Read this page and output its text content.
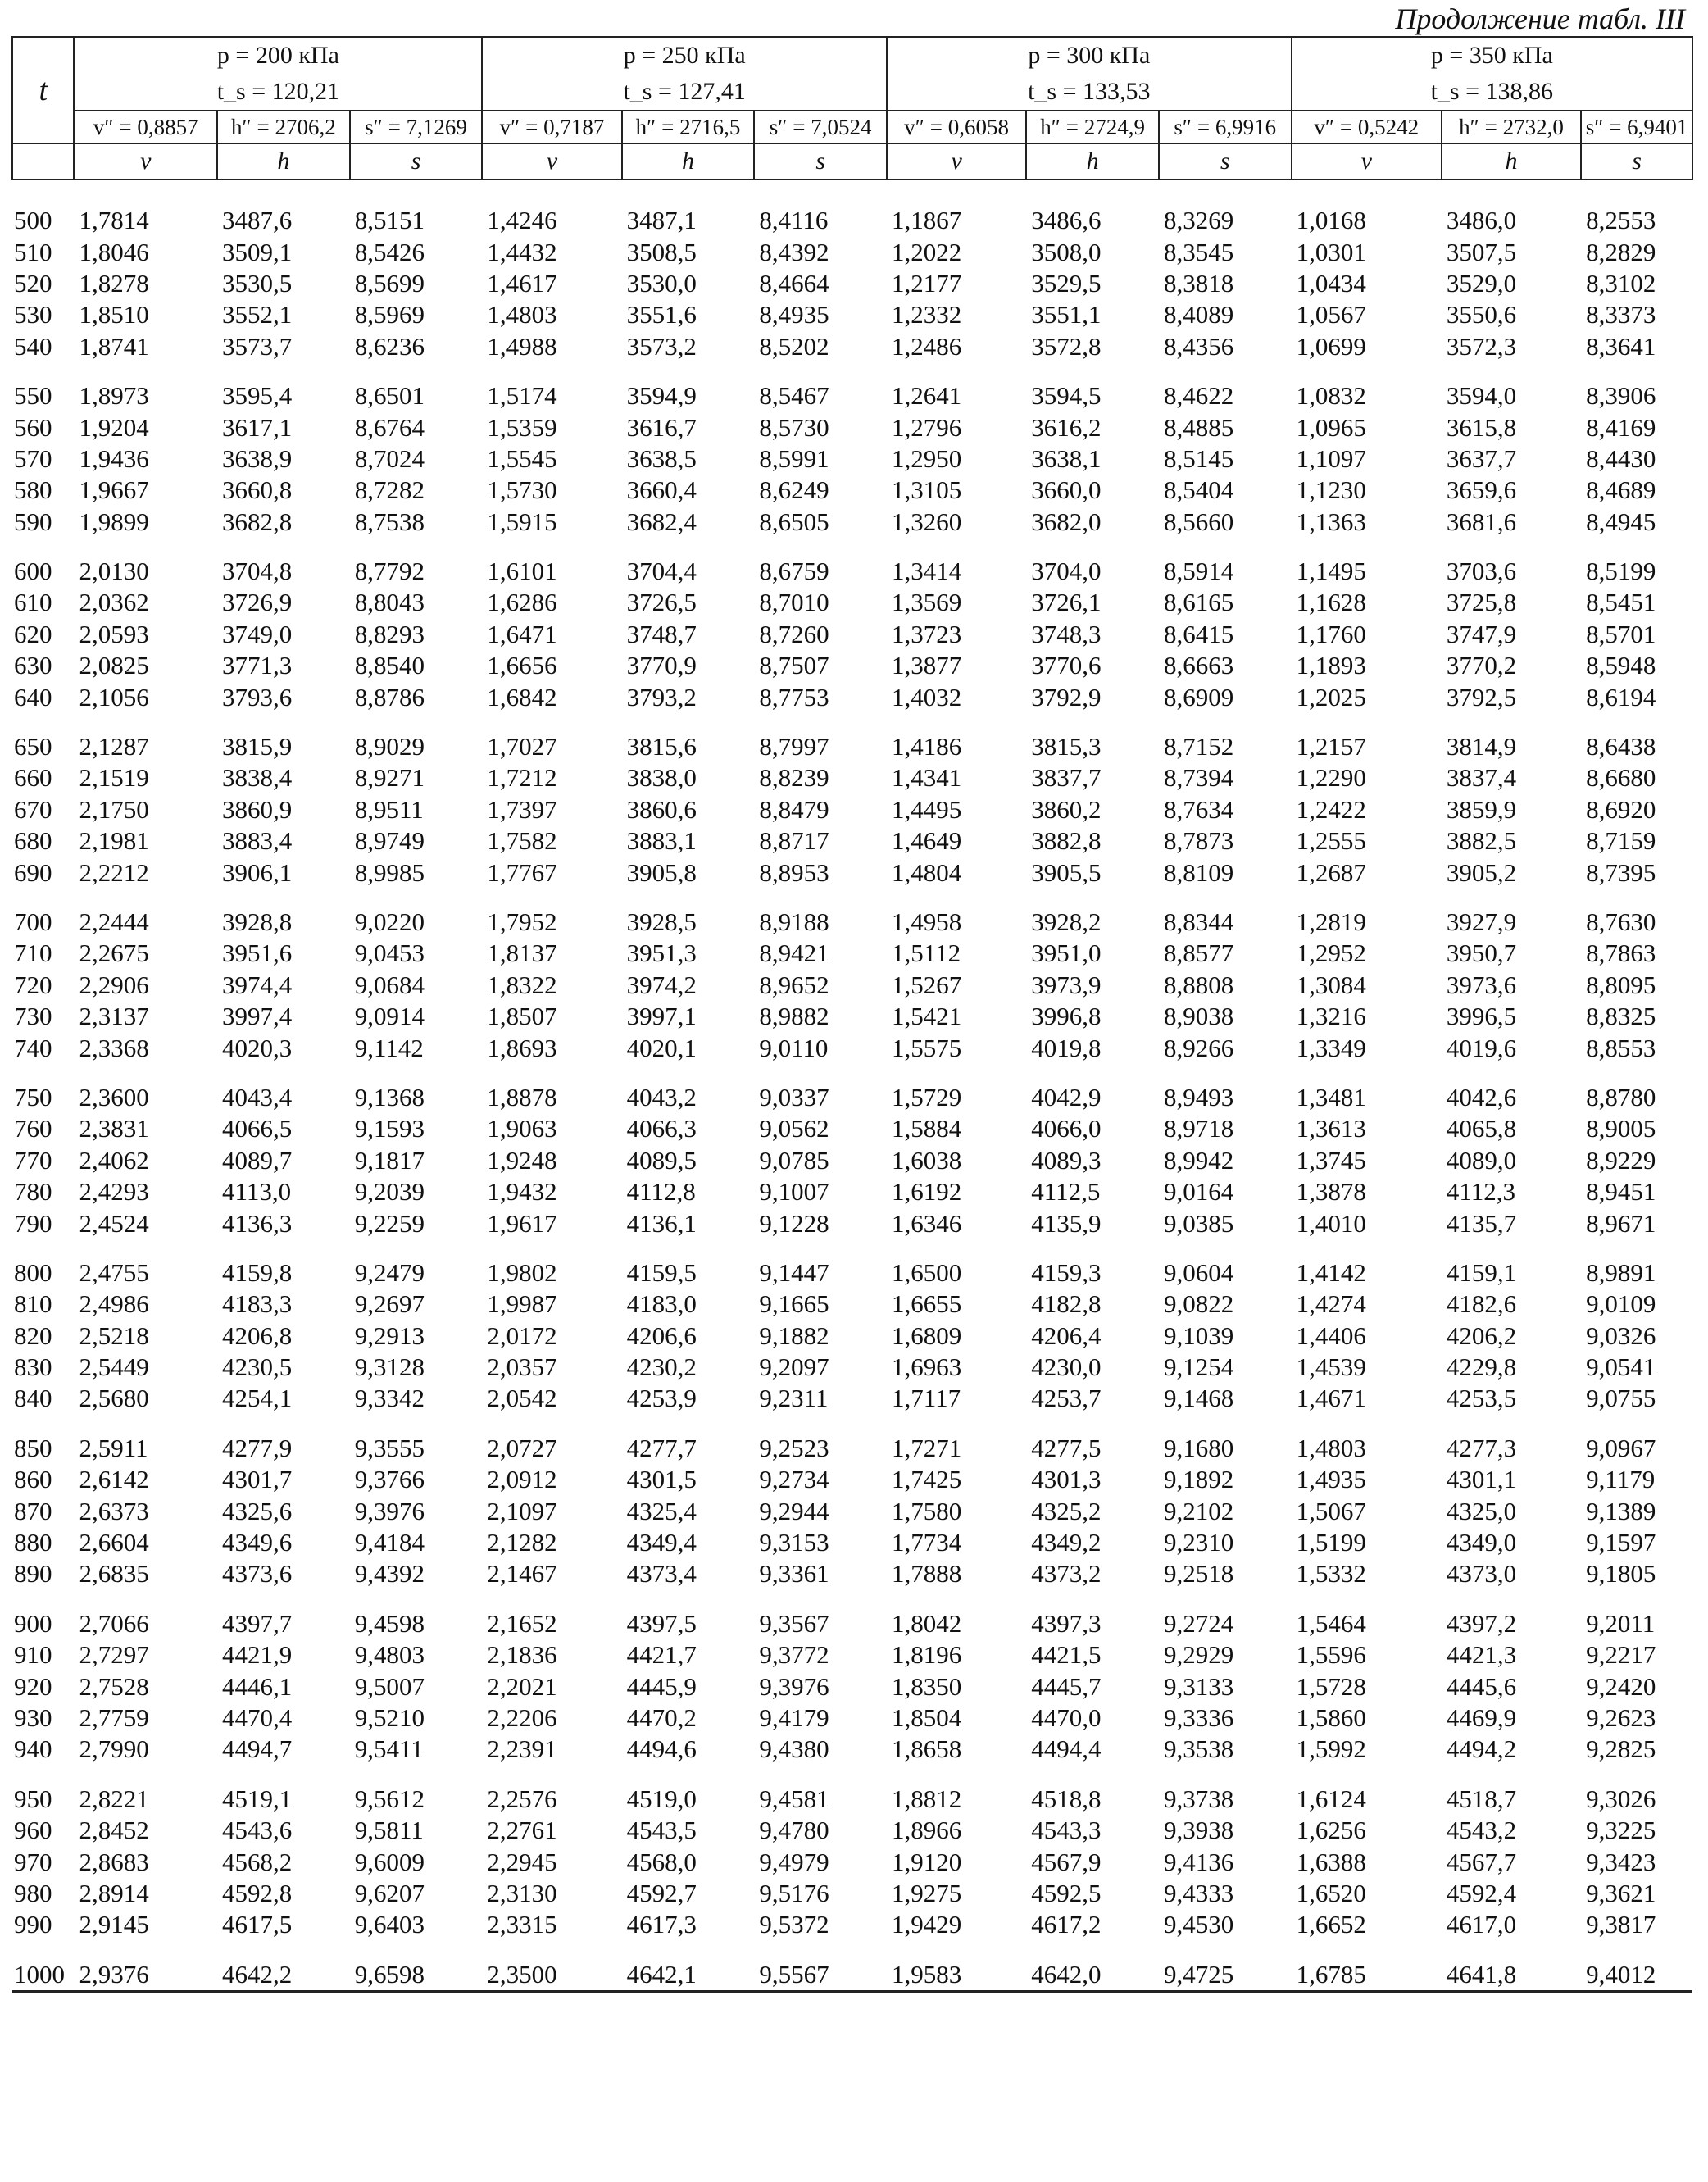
Продолжение табл. III
t	p = 200 кПа			p = 250 кПа			p = 300 кПа			p = 350 кПа		
	t_s = 120,21			t_s = 127,41			t_s = 133,53			t_s = 138,86		
	v″ = 0,8857	h″ = 2706,2	s″ = 7,1269	v″ = 0,7187	h″ = 2716,5	s″ = 7,0524	v″ = 0,6058	h″ = 2724,9	s″ = 6,9916	v″ = 0,5242	h″ = 2732,0	s″ = 6,9401
	v	h	s	v	h	s	v	h	s	v	h	s
500	1,7814	3487,6	8,5151	1,4246	3487,1	8,4116	1,1867	3486,6	8,3269	1,0168	3486,0	8,2553
510	1,8046	3509,1	8,5426	1,4432	3508,5	8,4392	1,2022	3508,0	8,3545	1,0301	3507,5	8,2829
520	1,8278	3530,5	8,5699	1,4617	3530,0	8,4664	1,2177	3529,5	8,3818	1,0434	3529,0	8,3102
530	1,8510	3552,1	8,5969	1,4803	3551,6	8,4935	1,2332	3551,1	8,4089	1,0567	3550,6	8,3373
540	1,8741	3573,7	8,6236	1,4988	3573,2	8,5202	1,2486	3572,8	8,4356	1,0699	3572,3	8,3641
550	1,8973	3595,4	8,6501	1,5174	3594,9	8,5467	1,2641	3594,5	8,4622	1,0832	3594,0	8,3906
560	1,9204	3617,1	8,6764	1,5359	3616,7	8,5730	1,2796	3616,2	8,4885	1,0965	3615,8	8,4169
570	1,9436	3638,9	8,7024	1,5545	3638,5	8,5991	1,2950	3638,1	8,5145	1,1097	3637,7	8,4430
580	1,9667	3660,8	8,7282	1,5730	3660,4	8,6249	1,3105	3660,0	8,5404	1,1230	3659,6	8,4689
590	1,9899	3682,8	8,7538	1,5915	3682,4	8,6505	1,3260	3682,0	8,5660	1,1363	3681,6	8,4945
600	2,0130	3704,8	8,7792	1,6101	3704,4	8,6759	1,3414	3704,0	8,5914	1,1495	3703,6	8,5199
610	2,0362	3726,9	8,8043	1,6286	3726,5	8,7010	1,3569	3726,1	8,6165	1,1628	3725,8	8,5451
620	2,0593	3749,0	8,8293	1,6471	3748,7	8,7260	1,3723	3748,3	8,6415	1,1760	3747,9	8,5701
630	2,0825	3771,3	8,8540	1,6656	3770,9	8,7507	1,3877	3770,6	8,6663	1,1893	3770,2	8,5948
640	2,1056	3793,6	8,8786	1,6842	3793,2	8,7753	1,4032	3792,9	8,6909	1,2025	3792,5	8,6194
650	2,1287	3815,9	8,9029	1,7027	3815,6	8,7997	1,4186	3815,3	8,7152	1,2157	3814,9	8,6438
660	2,1519	3838,4	8,9271	1,7212	3838,0	8,8239	1,4341	3837,7	8,7394	1,2290	3837,4	8,6680
670	2,1750	3860,9	8,9511	1,7397	3860,6	8,8479	1,4495	3860,2	8,7634	1,2422	3859,9	8,6920
680	2,1981	3883,4	8,9749	1,7582	3883,1	8,8717	1,4649	3882,8	8,7873	1,2555	3882,5	8,7159
690	2,2212	3906,1	8,9985	1,7767	3905,8	8,8953	1,4804	3905,5	8,8109	1,2687	3905,2	8,7395
700	2,2444	3928,8	9,0220	1,7952	3928,5	8,9188	1,4958	3928,2	8,8344	1,2819	3927,9	8,7630
710	2,2675	3951,6	9,0453	1,8137	3951,3	8,9421	1,5112	3951,0	8,8577	1,2952	3950,7	8,7863
720	2,2906	3974,4	9,0684	1,8322	3974,2	8,9652	1,5267	3973,9	8,8808	1,3084	3973,6	8,8095
730	2,3137	3997,4	9,0914	1,8507	3997,1	8,9882	1,5421	3996,8	8,9038	1,3216	3996,5	8,8325
740	2,3368	4020,3	9,1142	1,8693	4020,1	9,0110	1,5575	4019,8	8,9266	1,3349	4019,6	8,8553
750	2,3600	4043,4	9,1368	1,8878	4043,2	9,0337	1,5729	4042,9	8,9493	1,3481	4042,6	8,8780
760	2,3831	4066,5	9,1593	1,9063	4066,3	9,0562	1,5884	4066,0	8,9718	1,3613	4065,8	8,9005
770	2,4062	4089,7	9,1817	1,9248	4089,5	9,0785	1,6038	4089,3	8,9942	1,3745	4089,0	8,9229
780	2,4293	4113,0	9,2039	1,9432	4112,8	9,1007	1,6192	4112,5	9,0164	1,3878	4112,3	8,9451
790	2,4524	4136,3	9,2259	1,9617	4136,1	9,1228	1,6346	4135,9	9,0385	1,4010	4135,7	8,9671
800	2,4755	4159,8	9,2479	1,9802	4159,5	9,1447	1,6500	4159,3	9,0604	1,4142	4159,1	8,9891
810	2,4986	4183,3	9,2697	1,9987	4183,0	9,1665	1,6655	4182,8	9,0822	1,4274	4182,6	9,0109
820	2,5218	4206,8	9,2913	2,0172	4206,6	9,1882	1,6809	4206,4	9,1039	1,4406	4206,2	9,0326
830	2,5449	4230,5	9,3128	2,0357	4230,2	9,2097	1,6963	4230,0	9,1254	1,4539	4229,8	9,0541
840	2,5680	4254,1	9,3342	2,0542	4253,9	9,2311	1,7117	4253,7	9,1468	1,4671	4253,5	9,0755
850	2,5911	4277,9	9,3555	2,0727	4277,7	9,2523	1,7271	4277,5	9,1680	1,4803	4277,3	9,0967
860	2,6142	4301,7	9,3766	2,0912	4301,5	9,2734	1,7425	4301,3	9,1892	1,4935	4301,1	9,1179
870	2,6373	4325,6	9,3976	2,1097	4325,4	9,2944	1,7580	4325,2	9,2102	1,5067	4325,0	9,1389
880	2,6604	4349,6	9,4184	2,1282	4349,4	9,3153	1,7734	4349,2	9,2310	1,5199	4349,0	9,1597
890	2,6835	4373,6	9,4392	2,1467	4373,4	9,3361	1,7888	4373,2	9,2518	1,5332	4373,0	9,1805
900	2,7066	4397,7	9,4598	2,1652	4397,5	9,3567	1,8042	4397,3	9,2724	1,5464	4397,2	9,2011
910	2,7297	4421,9	9,4803	2,1836	4421,7	9,3772	1,8196	4421,5	9,2929	1,5596	4421,3	9,2217
920	2,7528	4446,1	9,5007	2,2021	4445,9	9,3976	1,8350	4445,7	9,3133	1,5728	4445,6	9,2420
930	2,7759	4470,4	9,5210	2,2206	4470,2	9,4179	1,8504	4470,0	9,3336	1,5860	4469,9	9,2623
940	2,7990	4494,7	9,5411	2,2391	4494,6	9,4380	1,8658	4494,4	9,3538	1,5992	4494,2	9,2825
950	2,8221	4519,1	9,5612	2,2576	4519,0	9,4581	1,8812	4518,8	9,3738	1,6124	4518,7	9,3026
960	2,8452	4543,6	9,5811	2,2761	4543,5	9,4780	1,8966	4543,3	9,3938	1,6256	4543,2	9,3225
970	2,8683	4568,2	9,6009	2,2945	4568,0	9,4979	1,9120	4567,9	9,4136	1,6388	4567,7	9,3423
980	2,8914	4592,8	9,6207	2,3130	4592,7	9,5176	1,9275	4592,5	9,4333	1,6520	4592,4	9,3621
990	2,9145	4617,5	9,6403	2,3315	4617,3	9,5372	1,9429	4617,2	9,4530	1,6652	4617,0	9,3817
1000	2,9376	4642,2	9,6598	2,3500	4642,1	9,5567	1,9583	4642,0	9,4725	1,6785	4641,8	9,4012
